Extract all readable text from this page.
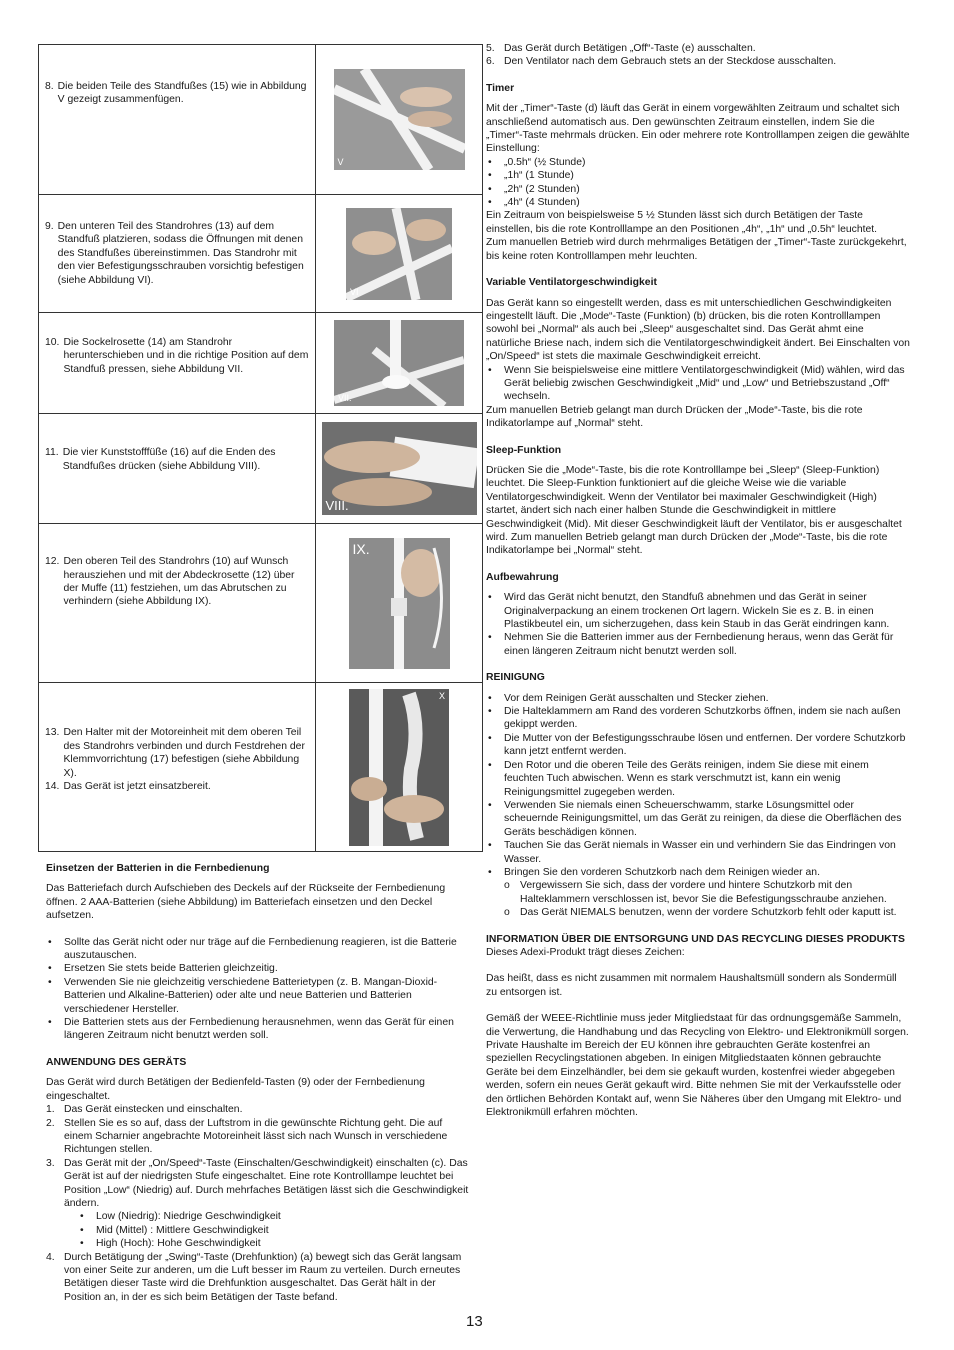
8. Die beiden Teile des Standfußes (15) wie in Abbildung V gezeigt zusammenfügen.	V

9. Den unteren Teil des Standrohres (13) auf dem Standfuß platzieren, sodass die Öffnungen mit denen des Standfußes übereinstimmen. Das Standrohr mit den vier Befestigungsschrauben vorsichtig befestigen (siehe Abbildung VI).	VI

10. Die Sockelrosette (14) am Standrohr herunterschieben und in die richtige Position auf dem Standfuß pressen, siehe Abbildung VII.	VII.

11. Die vier Kunststofffüße (16) auf die Enden des Standfußes drücken (siehe Abbildung VIII).	VIII.

12. Den oberen Teil des Standrohrs (10) auf Wunsch herausziehen und mit der Abdeckrosette (12) über der Muffe (11) festziehen, um das Abrutschen zu verhindern (siehe Abbildung IX).	IX.

13. Den Halter mit der Motoreinheit mit dem oberen Teil des Standrohrs verbinden und durch Festdrehen der Klemmvorrichtung (17) befestigen (siehe Abbildung X).
14. Das Gerät ist jetzt einsatzbereit.	X
Einsetzen der Batterien in die Fernbedienung

Das Batteriefach durch Aufschieben des Deckels auf der Rückseite der Fernbedienung öffnen. 2 AAA-Batterien (siehe Abbildung) im Batteriefach einsetzen und den Deckel aufsetzen.

• Sollte das Gerät nicht oder nur träge auf die Fernbedienung reagieren, ist die Batterie auszutauschen.
• Ersetzen Sie stets beide Batterien gleichzeitig.
• Verwenden Sie nie gleichzeitig verschiedene Batterietypen (z. B. Mangan-Dioxid-Batterien und Alkaline-Batterien) oder alte und neue Batterien und Batterien verschiedener Hersteller.
• Die Batterien stets aus der Fernbedienung herausnehmen, wenn das Gerät für einen längeren Zeitraum nicht benutzt werden soll.
ANWENDUNG DES GERÄTS

Das Gerät wird durch Betätigen der Bedienfeld-Tasten (9) oder der Fernbedienung eingeschaltet.

1. Das Gerät einstecken und einschalten.
2. Stellen Sie es so auf, dass der Luftstrom in die gewünschte Richtung geht. Die auf einem Scharnier angebrachte Motoreinheit lässt sich nach Wunsch in verschiedene Richtungen stellen.
3. Das Gerät mit der „On/Speed“-Taste (Einschalten/Geschwindigkeit) einschalten (c). Das Gerät ist auf der niedrigsten Stufe eingeschaltet. Eine rote Kontrolllampe leuchtet bei Position „Low“ (Niedrig) auf. Durch mehrfaches Betätigen lässt sich die Geschwindigkeit ändern.
• Low (Niedrig): Niedrige Geschwindigkeit
• Mid (Mittel) : Mittlere Geschwindigkeit
• High (Hoch): Hohe Geschwindigkeit
4. Durch Betätigung der „Swing“-Taste (Drehfunktion) (a) bewegt sich das Gerät langsam von einer Seite zur anderen, um die Luft besser im Raum zu verteilen. Durch erneutes Betätigen dieser Taste wird die Drehfunktion ausgeschaltet. Das Gerät hält in der Position an, in der es sich beim Betätigen der Taste befand.
5. Das Gerät durch Betätigen „Off“-Taste (e) ausschalten.
6. Den Ventilator nach dem Gebrauch stets an der Steckdose ausschalten.
Timer

Mit der „Timer“-Taste (d) läuft das Gerät in einem vorgewählten Zeitraum und schaltet sich anschließend automatisch aus. Den gewünschten Zeitraum einstellen, indem Sie die „Timer“-Taste mehrmals drücken. Ein oder mehrere rote Kontrolllampen zeigen die gewählte Einstellung:

• „0.5h“ (½ Stunde)
• „1h“ (1 Stunde)
• „2h“ (2 Stunden)
• „4h“ (4 Stunden)

Ein Zeitraum von beispielsweise 5 ½ Stunden lässt sich durch Betätigen der Taste einstellen, bis die rote Kontrolllampe an den Positionen „4h“, „1h“ und „0.5h“ leuchtet.

Zum manuellen Betrieb wird durch mehrmaliges Betätigen der „Timer“-Taste zurückgekehrt, bis keine roten Kontrolllampen mehr leuchten.

Variable Ventilatorgeschwindigkeit

Das Gerät kann so eingestellt werden, dass es mit unterschiedlichen Geschwindigkeiten eingestellt läuft. Die „Mode“-Taste (Funktion) (b) drücken, bis die roten Kontrolllampen sowohl bei „Normal“ als auch bei „Sleep“ ausgeschaltet sind. Das Gerät ahmt eine natürliche Briese nach, indem sich die Ventilatorgeschwindigkeit ändert. Bei Einschalten von „On/Speed“ ist stets die maximale Geschwindigkeit erreicht.

• Wenn Sie beispielsweise eine mittlere Ventilatorgeschwindigkeit (Mid) wählen, wird das Gerät beliebig zwischen Geschwindigkeit „Mid“ und „Low“ und Betriebszustand „Off“ wechseln.

Zum manuellen Betrieb gelangt man durch Drücken der „Mode“-Taste, bis die rote Indikatorlampe auf „Normal“ steht.

Sleep-Funktion

Drücken Sie die „Mode“-Taste, bis die rote Kontrolllampe bei „Sleep“ (Sleep-Funktion) leuchtet. Die Sleep-Funktion funktioniert auf die gleiche Weise wie die variable Ventilatorgeschwindigkeit. Wenn der Ventilator bei maximaler Geschwindigkeit (High) startet, ändert sich nach einer halben Stunde die Geschwindigkeit in mittlere Geschwindigkeit (Mid). Mit dieser Geschwindigkeit läuft der Ventilator, bis er ausgeschaltet wird. Zum manuellen Betrieb gelangt man durch Drücken der „Mode“-Taste, bis die rote Indikatorlampe bei „Normal“ steht.

Aufbewahrung
• Wird das Gerät nicht benutzt, den Standfuß abnehmen und das Gerät in seiner Originalverpackung an einem trockenen Ort lagern. Wickeln Sie es z. B. in einen Plastikbeutel ein, um sicherzugehen, dass kein Staub in das Gerät eindringen kann.
• Nehmen Sie die Batterien immer aus der Fernbedienung heraus, wenn das Gerät für einen längeren Zeitraum nicht benutzt werden soll.
REINIGUNG
• Vor dem Reinigen Gerät ausschalten und Stecker ziehen.
• Die Halteklammern am Rand des vorderen Schutzkorbs öffnen, indem sie nach außen gekippt werden.
• Die Mutter von der Befestigungsschraube lösen und entfernen. Der vordere Schutzkorb kann jetzt entfernt werden.
• Den Rotor und die oberen Teile des Geräts reinigen, indem Sie diese mit einem feuchten Tuch abwischen. Wenn es stark verschmutzt ist, kann ein wenig Reinigungsmittel zugegeben werden.
• Verwenden Sie niemals einen Scheuerschwamm, starke Lösungsmittel oder scheuernde Reinigungsmittel, um das Gerät zu reinigen, da diese die Oberflächen des Geräts beschädigen können.
• Tauchen Sie das Gerät niemals in Wasser ein und verhindern Sie das Eindringen von Wasser.
• Bringen Sie den vorderen Schutzkorb nach dem Reinigen wieder an.
o Vergewissern Sie sich, dass der vordere und hintere Schutzkorb mit den Halteklammern verschlossen ist, bevor Sie die Befestigungsschraube anziehen.
o Das Gerät NIEMALS benutzen, wenn der vordere Schutzkorb fehlt oder kaputt ist.
INFORMATION ÜBER DIE ENTSORGUNG UND DAS RECYCLING DIESES PRODUKTS

Dieses Adexi-Produkt trägt dieses Zeichen:

Das heißt, dass es nicht zusammen mit normalem Haushaltsmüll sondern als Sondermüll zu entsorgen ist.

Gemäß der WEEE-Richtlinie muss jeder Mitgliedstaat für das ordnungsgemäße Sammeln, die Verwertung, die Handhabung und das Recycling von Elektro- und Elektronikmüll sorgen. Private Haushalte im Bereich der EU können ihre gebrauchten Geräte kostenfrei an speziellen Recyclingstationen abgeben. In einigen Mitgliedstaaten können gebrauchte Geräte bei dem Einzelhändler, bei dem sie gekauft wurden, kostenfrei wieder abgegeben werden, sofern ein neues Gerät gekauft wird. Bitte nehmen Sie mit der Verkaufsstelle oder den örtlichen Behörden Kontakt auf, wenn Sie Näheres über den Umgang mit Elektro- und Elektronikmüll erfahren möchten.

13
